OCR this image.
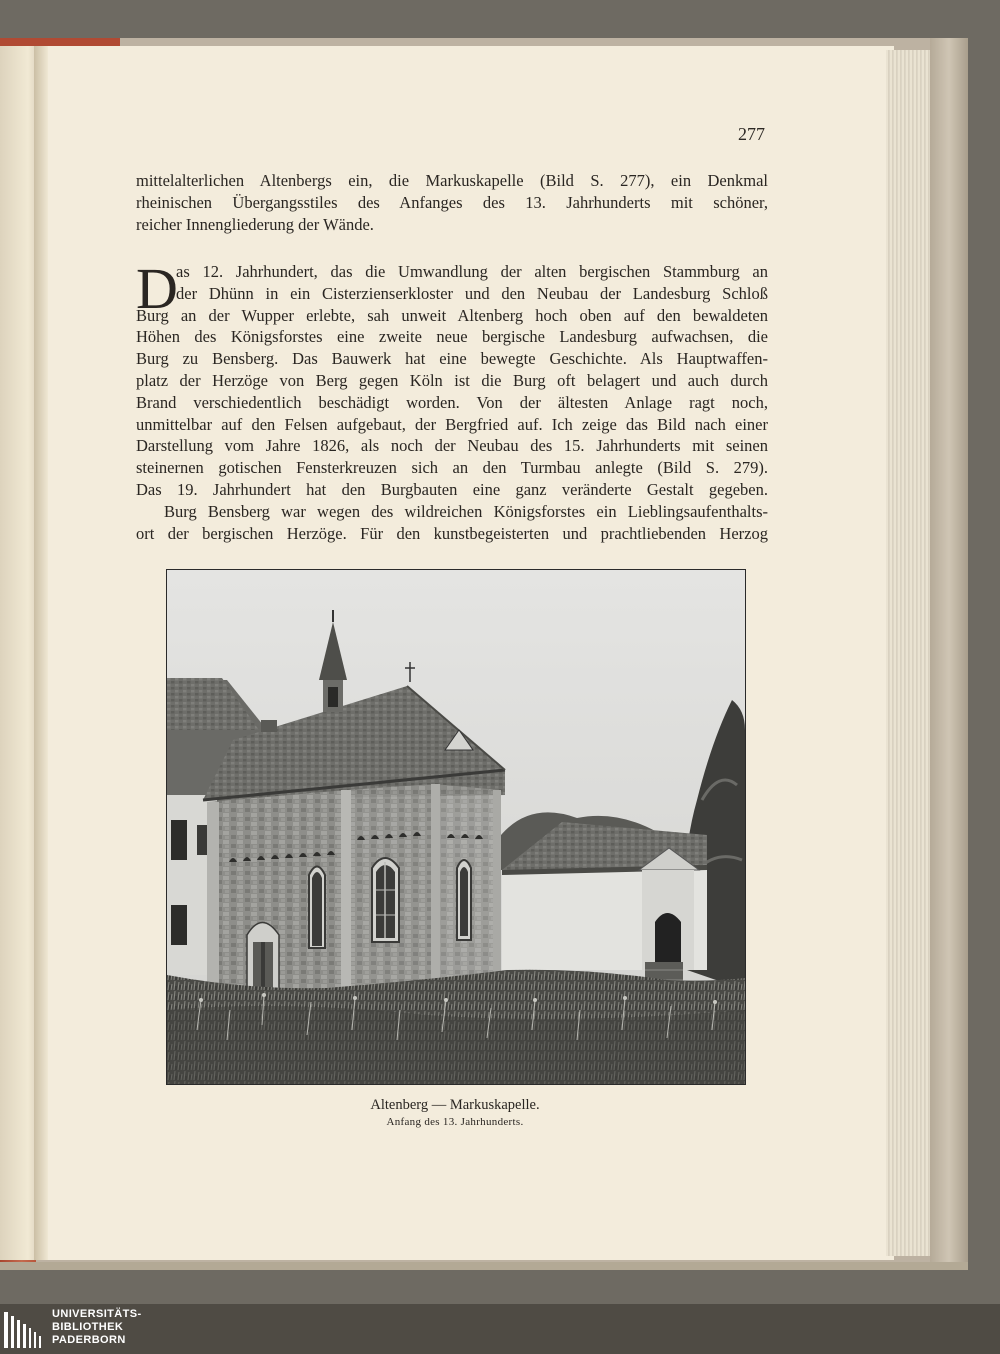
277

mittelalterlichen Altenbergs ein, die Markuskapelle (Bild S. 277), ein Denkmal
rheinischen Übergangsstiles des Anfanges des 13. Jahrhunderts mit schöner,
reicher Innengliederung der Wände.

D

as 12. Jahrhundert, das die Umwandlung der alten bergischen Stammburg an
der Dhünn in ein Cisterzienserkloster und den Neubau der Landesburg Schloß
Burg an der Wupper erlebte, sah unweit Altenberg hoch oben auf den bewaldeten
Höhen des Königsforstes eine zweite neue bergische Landesburg aufwachsen, die
Burg zu Bensberg. Das Bauwerk hat eine bewegte Geschichte. Als Hauptwaffen-
platz der Herzöge von Berg gegen Köln ist die Burg oft belagert und auch durch
Brand verschiedentlich beschädigt worden. Von der ältesten Anlage ragt noch,
unmittelbar auf den Felsen aufgebaut, der Bergfried auf. Ich zeige das Bild nach einer
Darstellung vom Jahre 1826, als noch der Neubau des 15. Jahrhunderts mit seinen
steinernen gotischen Fensterkreuzen sich an den Turmbau anlegte (Bild S. 279).
Das 19. Jahrhundert hat den Burgbauten eine ganz veränderte Gestalt gegeben.

Burg Bensberg war wegen des wildreichen Königsforstes ein Lieblingsaufenthalts-
ort der bergischen Herzöge. Für den kunstbegeisterten und prachtliebenden Herzog

Altenberg — Markuskapelle.
Anfang des 13. Jahrhunderts.
UNIVERSITÄTS-
BIBLIOTHEK
PADERBORN
